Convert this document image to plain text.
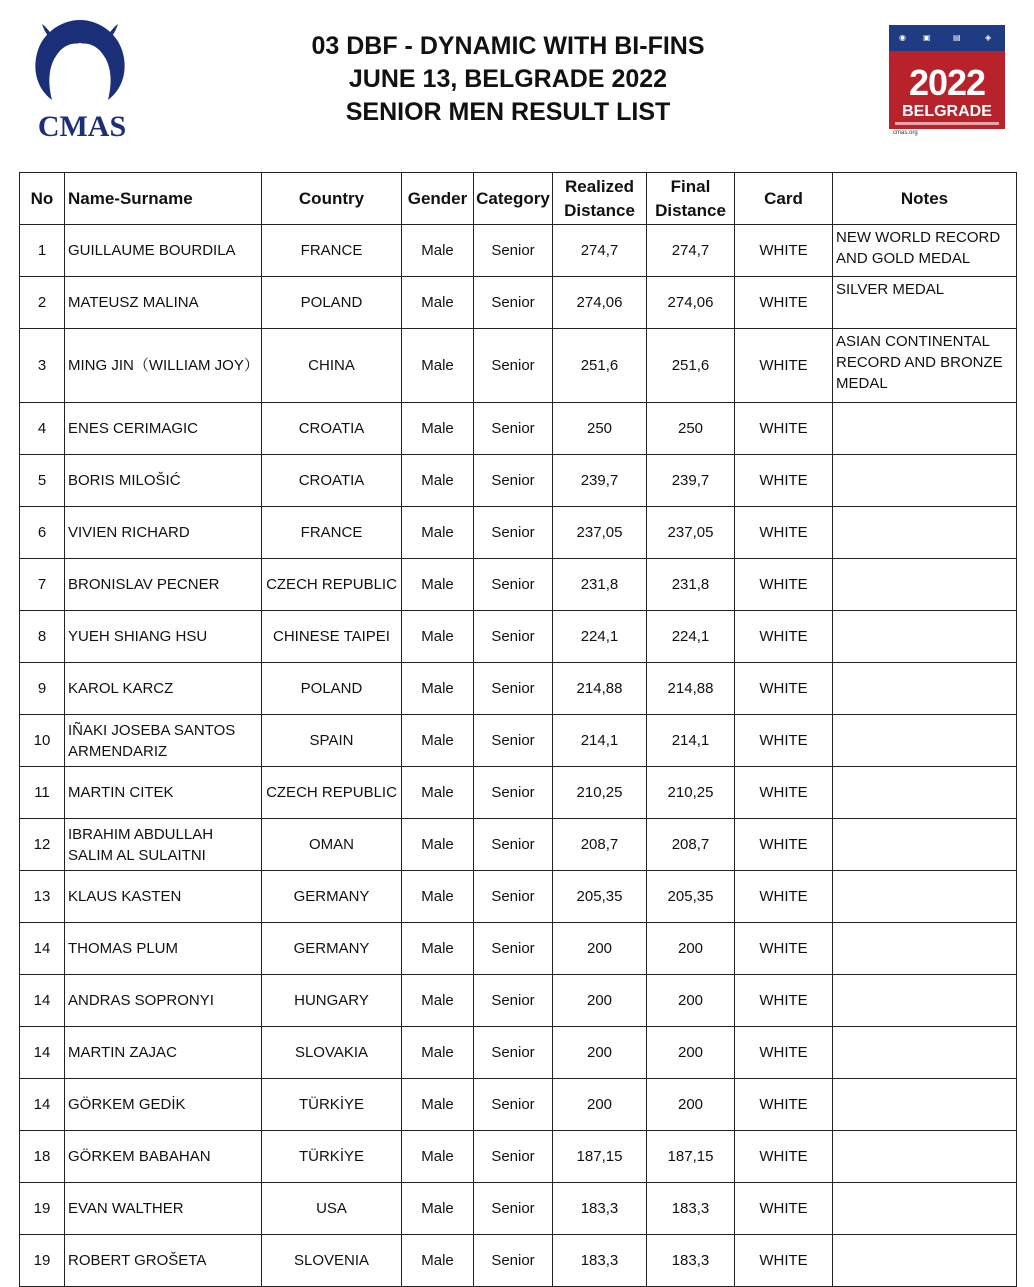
CMAS
03 DBF - DYNAMIC WITH BI-FINS
JUNE 13, BELGRADE 2022
SENIOR MEN RESULT LIST
◉ ▣	▤	◈
2022
BELGRADE
cmas.org
No	Name-Surname	Country	Gender	Category	Realized Distance	Final Distance	Card	Notes
1	GUILLAUME BOURDILA	FRANCE	Male	Senior	274,7	274,7	WHITE	NEW WORLD RECORD AND GOLD MEDAL
2	MATEUSZ MALINA	POLAND	Male	Senior	274,06	274,06	WHITE	SILVER MEDAL
3	MING JIN（WILLIAM JOY）	CHINA	Male	Senior	251,6	251,6	WHITE	ASIAN CONTINENTAL RECORD AND BRONZE MEDAL
4	ENES CERIMAGIC	CROATIA	Male	Senior	250	250	WHITE	
5	BORIS MILOŠIĆ	CROATIA	Male	Senior	239,7	239,7	WHITE	
6	VIVIEN RICHARD	FRANCE	Male	Senior	237,05	237,05	WHITE	
7	BRONISLAV PECNER	CZECH REPUBLIC	Male	Senior	231,8	231,8	WHITE	
8	YUEH SHIANG HSU	CHINESE TAIPEI	Male	Senior	224,1	224,1	WHITE	
9	KAROL KARCZ	POLAND	Male	Senior	214,88	214,88	WHITE	
10	IÑAKI JOSEBA SANTOS ARMENDARIZ	SPAIN	Male	Senior	214,1	214,1	WHITE	
11	MARTIN CITEK	CZECH REPUBLIC	Male	Senior	210,25	210,25	WHITE	
12	IBRAHIM ABDULLAH SALIM AL SULAITNI	OMAN	Male	Senior	208,7	208,7	WHITE	
13	KLAUS KASTEN	GERMANY	Male	Senior	205,35	205,35	WHITE	
14	THOMAS PLUM	GERMANY	Male	Senior	200	200	WHITE	
14	ANDRAS SOPRONYI	HUNGARY	Male	Senior	200	200	WHITE	
14	MARTIN ZAJAC	SLOVAKIA	Male	Senior	200	200	WHITE	
14	GÖRKEM GEDİK	TÜRKİYE	Male	Senior	200	200	WHITE	
18	GÖRKEM BABAHAN	TÜRKİYE	Male	Senior	187,15	187,15	WHITE	
19	EVAN WALTHER	USA	Male	Senior	183,3	183,3	WHITE	
19	ROBERT GROŠETA	SLOVENIA	Male	Senior	183,3	183,3	WHITE	
